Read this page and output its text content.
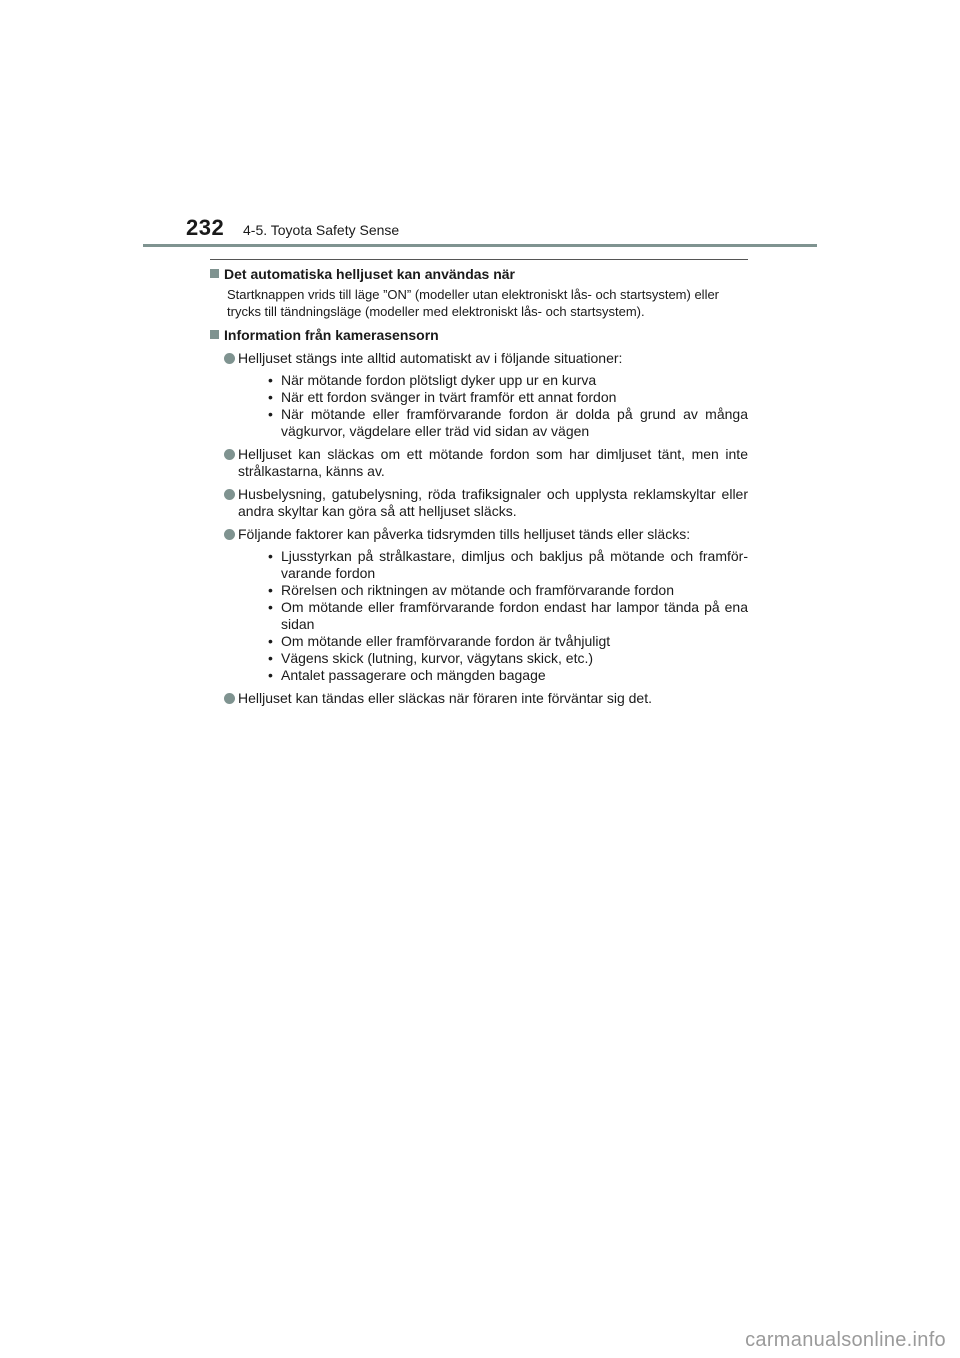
232 4-5. Toyota Safety Sense
Det automatiska helljuset kan användas när
Startknappen vrids till läge ”ON” (modeller utan elektroniskt lås- och startsystem) eller trycks till tändningsläge (modeller med elektroniskt lås- och startsystem).
Information från kamerasensorn
Helljuset stängs inte alltid automatiskt av i följande situationer:
• När mötande fordon plötsligt dyker upp ur en kurva
• När ett fordon svänger in tvärt framför ett annat fordon
• När mötande eller framförvarande fordon är dolda på grund av många vägkurvor, vägdelare eller träd vid sidan av vägen
Helljuset kan släckas om ett mötande fordon som har dimljuset tänt, men inte strålkastarna, känns av.
Husbelysning, gatubelysning, röda trafiksignaler och upplysta reklamskyltar eller andra skyltar kan göra så att helljuset släcks.
Följande faktorer kan påverka tidsrymden tills helljuset tänds eller släcks:
• Ljusstyrkan på strålkastare, dimljus och bakljus på mötande och framför-varande fordon
• Rörelsen och riktningen av mötande och framförvarande fordon
• Om mötande eller framförvarande fordon endast har lampor tända på ena sidan
• Om mötande eller framförvarande fordon är tvåhjuligt
• Vägens skick (lutning, kurvor, vägytans skick, etc.)
• Antalet passagerare och mängden bagage
Helljuset kan tändas eller släckas när föraren inte förväntar sig det.
carmanualsonline.info
